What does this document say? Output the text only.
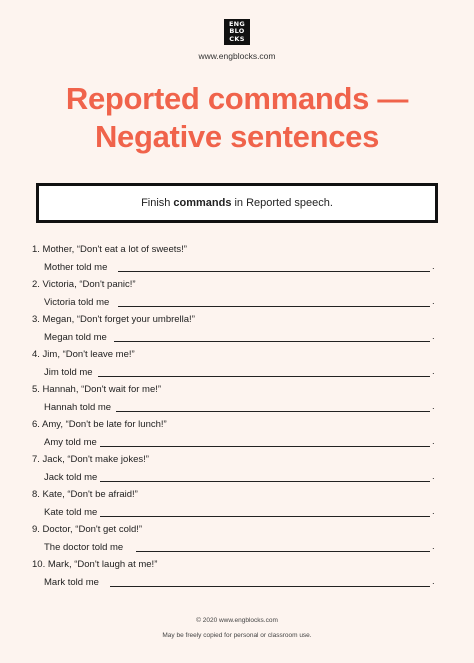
ENG
BLO
CKS
www.engblocks.com
Reported commands —
Negative sentences
Finish commands in Reported speech.
1. Mother, “Don't eat a lot of sweets!”
Mother told me	.
2. Victoria, “Don't panic!”
Victoria told me	.
3. Megan, “Don't forget your umbrella!”
Megan told me	.
4. Jim, “Don't leave me!”
Jim told me	.
5. Hannah, “Don't wait for me!”
Hannah told me	.
6. Amy, “Don't be late for lunch!”
Amy told me	.
7. Jack, “Don't make jokes!”
Jack told me	.
8. Kate, “Don't be afraid!”
Kate told me	.
9. Doctor, “Don't get cold!”
The doctor told me	.
10. Mark, “Don't laugh at me!”
Mark told me	.
© 2020 www.engblocks.com
May be freely copied for personal or classroom use.
